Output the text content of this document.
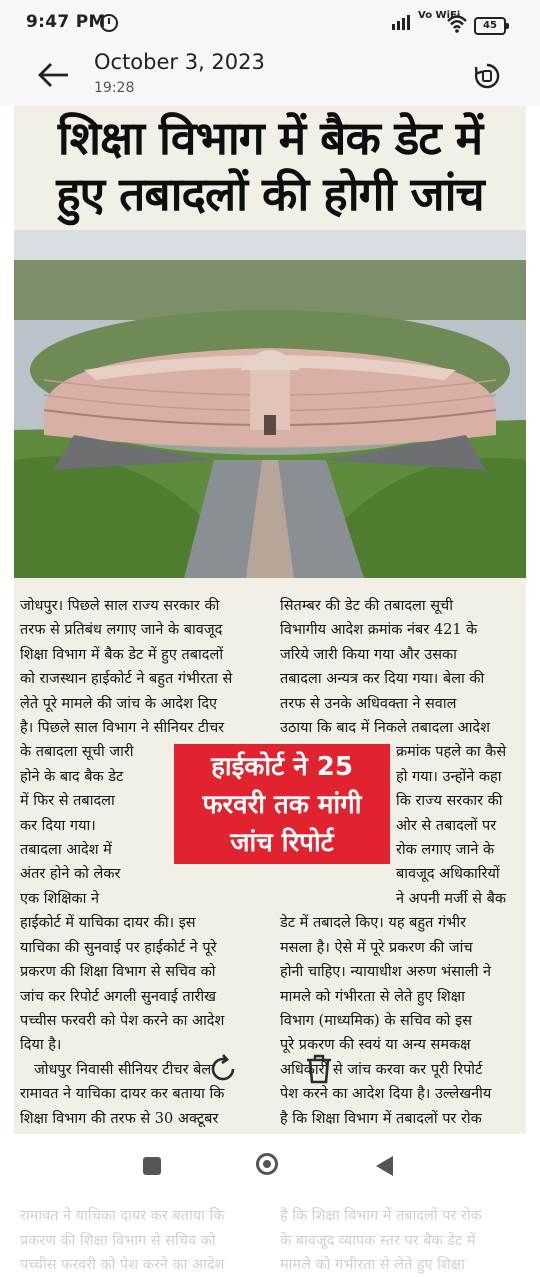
9:47 PM	Vo WiFi
45
October 3, 2023
19:28
शिक्षा विभाग में बैक डेट में
हुए तबादलों की होगी जांच
जोधपुर। पिछले साल राज्य सरकार की
तरफ से प्रतिबंध लगाए जाने के बावजूद
शिक्षा विभाग में बैक डेट में हुए तबादलों
को राजस्थान हाईकोर्ट ने बहुत गंभीरता से
लेते पूरे मामले की जांच के आदेश दिए
है। पिछले साल विभाग ने सीनियर टीचर
के तबादला सूची जारी
होने के बाद बैक डेट
में फिर से तबादला
कर दिया गया।
तबादला आदेश में
अंतर होने को लेकर
एक शिक्षिका ने
हाईकोर्ट में याचिका दायर की। इस
याचिका की सुनवाई पर हाईकोर्ट ने पूरे
प्रकरण की शिक्षा विभाग से सचिव को
जांच कर रिपोर्ट अगली सुनवाई तारीख
पच्चीस फरवरी को पेश करने का आदेश
दिया है।
जोधपुर निवासी सीनियर टीचर बेला
रामावत ने याचिका दायर कर बताया कि
शिक्षा विभाग की तरफ से 30 अक्टूबर
रामावत ने याचिका दायर कर बताया कि
प्रकरण की शिक्षा विभाग से सचिव को
पच्चीस फरवरी को पेश करने का आदेश
सितम्बर की डेट की तबादला सूची
विभागीय आदेश क्रमांक नंबर 421 के
जरिये जारी किया गया और उसका
तबादला अन्यत्र कर दिया गया। बेला की
तरफ से उनके अधिवक्ता ने सवाल
उठाया कि बाद में निकले तबादला आदेश
क्रमांक पहले का कैसे
हो गया। उन्होंने कहा
कि राज्य सरकार की
ओर से तबादलों पर
रोक लगाए जाने के
बावजूद अधिकारियों
ने अपनी मर्जी से बैक
डेट में तबादले किए। यह बहुत गंभीर
मसला है। ऐसे में पूरे प्रकरण की जांच
होनी चाहिए। न्यायाधीश अरुण भंसाली ने
मामले को गंभीरता से लेते हुए शिक्षा
विभाग (माध्यमिक) के सचिव को इस
पूरे प्रकरण की स्वयं या अन्य समकक्ष
अधिकारी से जांच करवा कर पूरी रिपोर्ट
पेश करने का आदेश दिया है। उल्लेखनीय
है कि शिक्षा विभाग में तबादलों पर रोक
है कि शिक्षा विभाग में तबादलों पर रोक
के बावजूद व्यापक स्तर पर बैक डेट में
मामले को गंभीरता से लेते हुए शिक्षा
हाईकोर्ट ने 25
फरवरी तक मांगी
जांच रिपोर्ट
